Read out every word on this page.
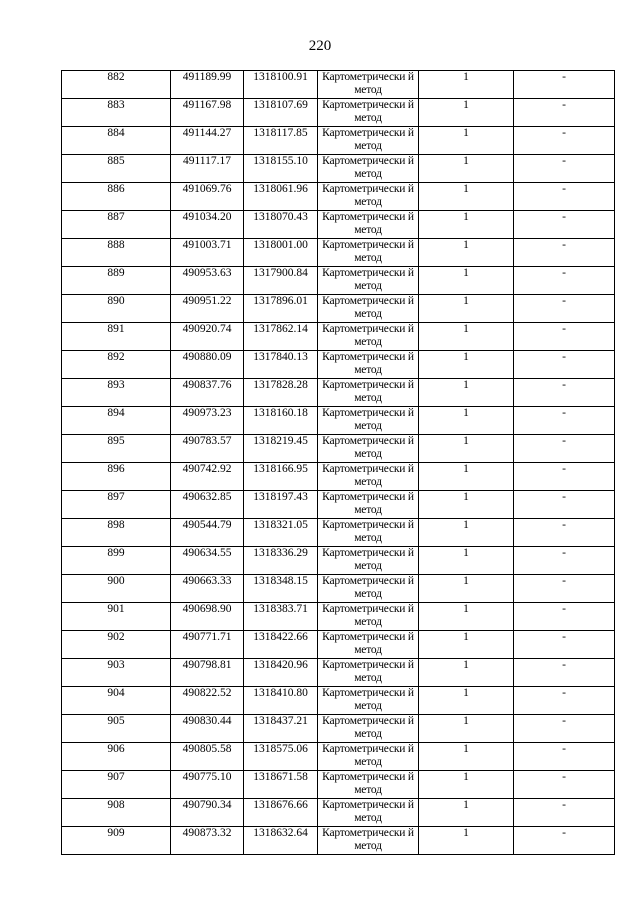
220
882	491189.99	1318100.91	Картометрически й метод	1	-
883	491167.98	1318107.69	Картометрически й метод	1	-
884	491144.27	1318117.85	Картометрически й метод	1	-
885	491117.17	1318155.10	Картометрически й метод	1	-
886	491069.76	1318061.96	Картометрически й метод	1	-
887	491034.20	1318070.43	Картометрически й метод	1	-
888	491003.71	1318001.00	Картометрически й метод	1	-
889	490953.63	1317900.84	Картометрически й метод	1	-
890	490951.22	1317896.01	Картометрически й метод	1	-
891	490920.74	1317862.14	Картометрически й метод	1	-
892	490880.09	1317840.13	Картометрически й метод	1	-
893	490837.76	1317828.28	Картометрически й метод	1	-
894	490973.23	1318160.18	Картометрически й метод	1	-
895	490783.57	1318219.45	Картометрически й метод	1	-
896	490742.92	1318166.95	Картометрически й метод	1	-
897	490632.85	1318197.43	Картометрически й метод	1	-
898	490544.79	1318321.05	Картометрически й метод	1	-
899	490634.55	1318336.29	Картометрически й метод	1	-
900	490663.33	1318348.15	Картометрически й метод	1	-
901	490698.90	1318383.71	Картометрически й метод	1	-
902	490771.71	1318422.66	Картометрически й метод	1	-
903	490798.81	1318420.96	Картометрически й метод	1	-
904	490822.52	1318410.80	Картометрически й метод	1	-
905	490830.44	1318437.21	Картометрически й метод	1	-
906	490805.58	1318575.06	Картометрически й метод	1	-
907	490775.10	1318671.58	Картометрически й метод	1	-
908	490790.34	1318676.66	Картометрически й метод	1	-
909	490873.32	1318632.64	Картометрически й метод	1	-
